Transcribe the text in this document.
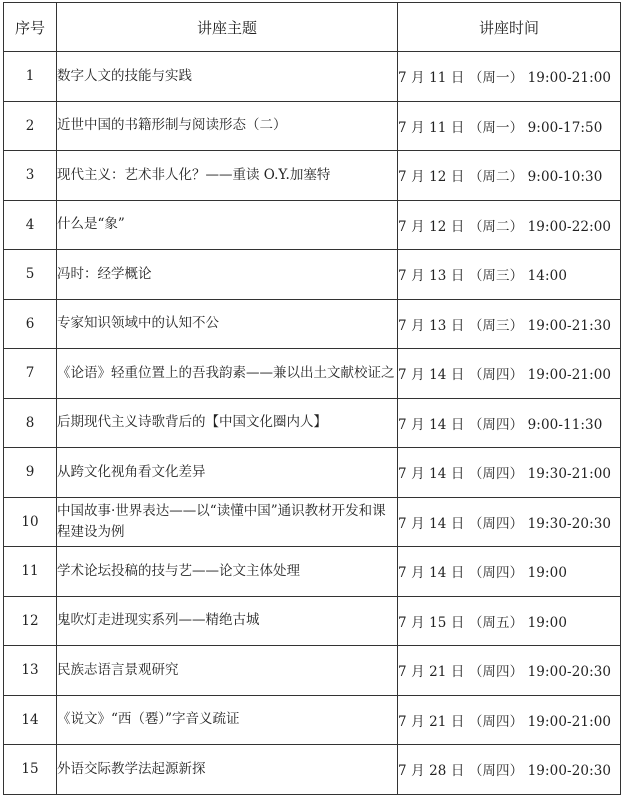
序号	讲座主题	讲座时间
1	数字人文的技能与实践	7 月 11 日 （周一） 19:00-21:00
2	近世中国的书籍形制与阅读形态（二）	7 月 11 日 （周一） 9:00-17:50
3	现代主义：艺术非人化？——重读 O.Y.加塞特	7 月 12 日 （周二） 9:00-10:30
4	什么是“象”	7 月 12 日 （周二） 19:00-22:00
5	冯时：经学概论	7 月 13 日 （周三） 14:00
6	专家知识领域中的认知不公	7 月 13 日 （周三） 19:00-21:30
7	《论语》轻重位置上的吾我韵素——兼以出土文献校证之	7 月 14 日 （周四） 19:00-21:00
8	后期现代主义诗歌背后的【中国文化圈内人】	7 月 14 日 （周四） 9:00-11:30
9	从跨文化视角看文化差异	7 月 14 日 （周四） 19:30-21:00
10	中国故事·世界表达——以“读懂中国”通识教材开发和课程建设为例	7 月 14 日 （周四） 19:30-20:30
11	学术论坛投稿的技与艺——论文主体处理	7 月 14 日 （周四） 19:00
12	鬼吹灯走进现实系列——精绝古城	7 月 15 日 （周五） 19:00
13	民族志语言景观研究	7 月 21 日 （周四） 19:00-20:30
14	《说文》“西（䙴）”字音义疏证	7 月 21 日 （周四） 19:00-21:00
15	外语交际教学法起源新探	7 月 28 日 （周四） 19:00-20:30
